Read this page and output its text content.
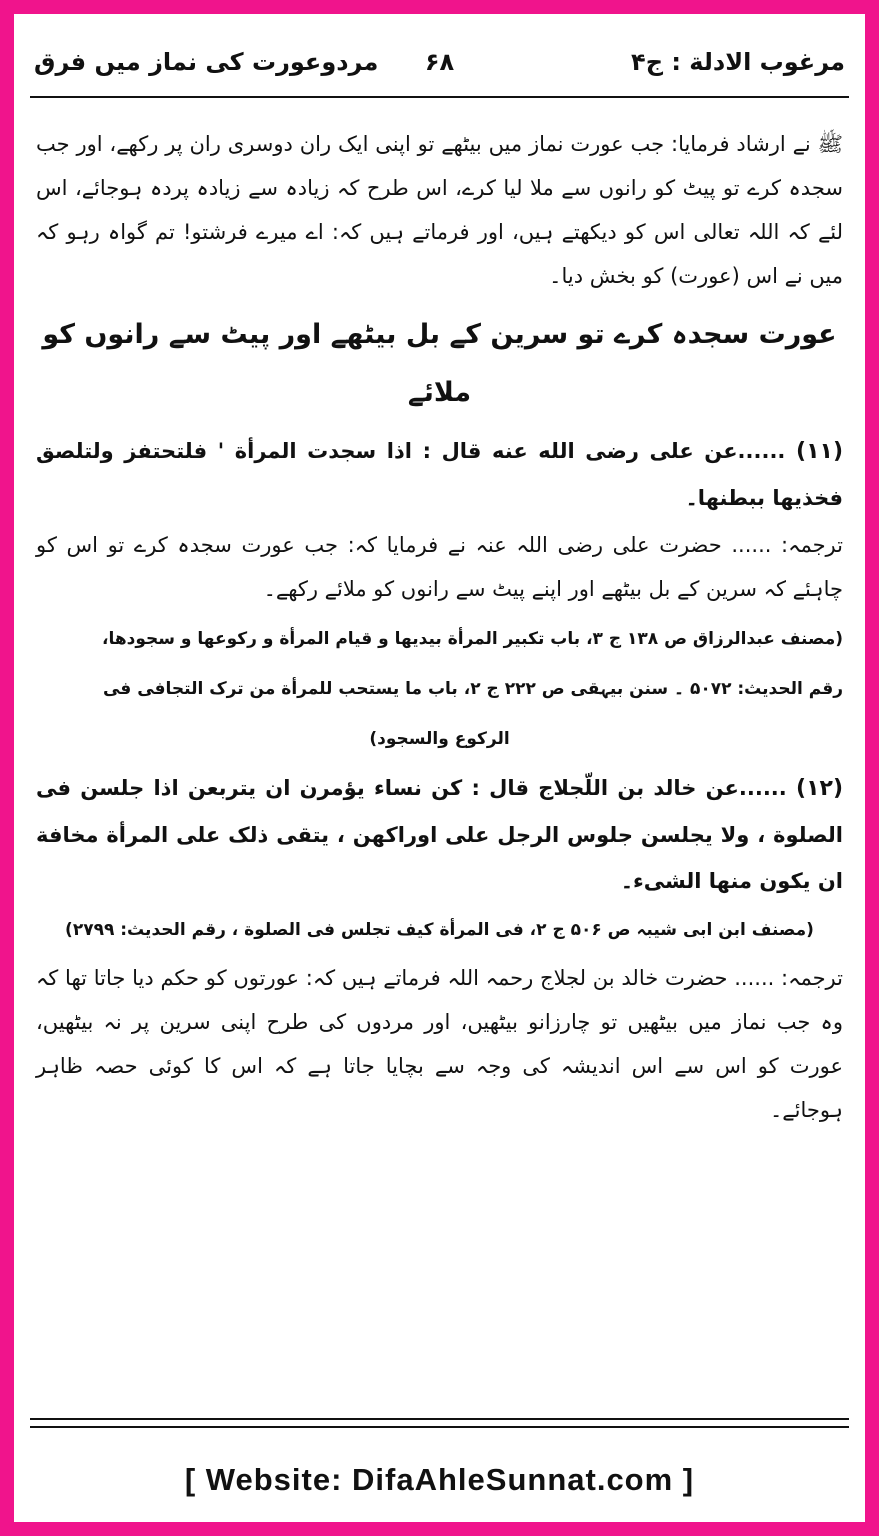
مرغوب الادلة : ج۴
۶۸
مردوعورت کی نماز میں فرق

ﷺ نے ارشاد فرمایا: جب عورت نماز میں بیٹھے تو اپنی ایک ران دوسری ران پر رکھے، اور جب سجدہ کرے تو پیٹ کو رانوں سے ملا لیا کرے، اس طرح کہ زیادہ سے زیادہ پردہ ہوجائے، اس لئے کہ اللہ تعالی اس کو دیکھتے ہیں، اور فرماتے ہیں کہ: اے میرے فرشتو! تم گواہ رہو کہ میں نے اس (عورت) کو بخش دیا۔

عورت سجدہ کرے تو سرین کے بل بیٹھے اور پیٹ سے رانوں کو ملائے

(۱۱) ......عن علی رضی الله عنه قال : اذا سجدت المرأة ' فلتحتفز ولتلصق فخذيها ببطنها۔

ترجمہ: ...... حضرت علی رضی اللہ عنہ نے فرمایا کہ: جب عورت سجدہ کرے تو اس کو چاہئے کہ سرین کے بل بیٹھے اور اپنے پیٹ سے رانوں کو ملائے رکھے۔

(مصنف عبدالرزاق ص ۱۳۸ ج ۳، باب تکبیر المرأة بیدیها و قیام المرأة و رکوعها و سجودها،

رقم الحدیث: ۵۰۷۲ ۔ سنن بیہقی ص ۲۲۲ ج ۲، باب ما یستحب للمرأة من ترک التجافی فی

الرکوع والسجود)

(۱۲) ......عن خالد بن اللّجلاج قال : كن نساء يؤمرن ان يتربعن اذا جلسن فی الصلوة ، ولا يجلسن جلوس الرجل علی اوراكهن ، يتقی ذلک علی المرأة مخافة ان يكون منها الشیء۔

(مصنف ابن ابی شیبہ ص ۵۰۶ ج ۲، فی المرأة کیف تجلس فی الصلوة ، رقم الحدیث: ۲۷۹۹)

ترجمہ: ...... حضرت خالد بن لجلاج رحمہ اللہ فرماتے ہیں کہ: عورتوں کو حکم دیا جاتا تھا کہ وہ جب نماز میں بیٹھیں تو چارزانو بیٹھیں، اور مردوں کی طرح اپنی سرین پر نہ بیٹھیں، عورت کو اس سے اس اندیشہ کی وجہ سے بچایا جاتا ہے کہ اس کا کوئی حصہ ظاہر ہوجائے۔

[ Website: DifaAhleSunnat.com ]
